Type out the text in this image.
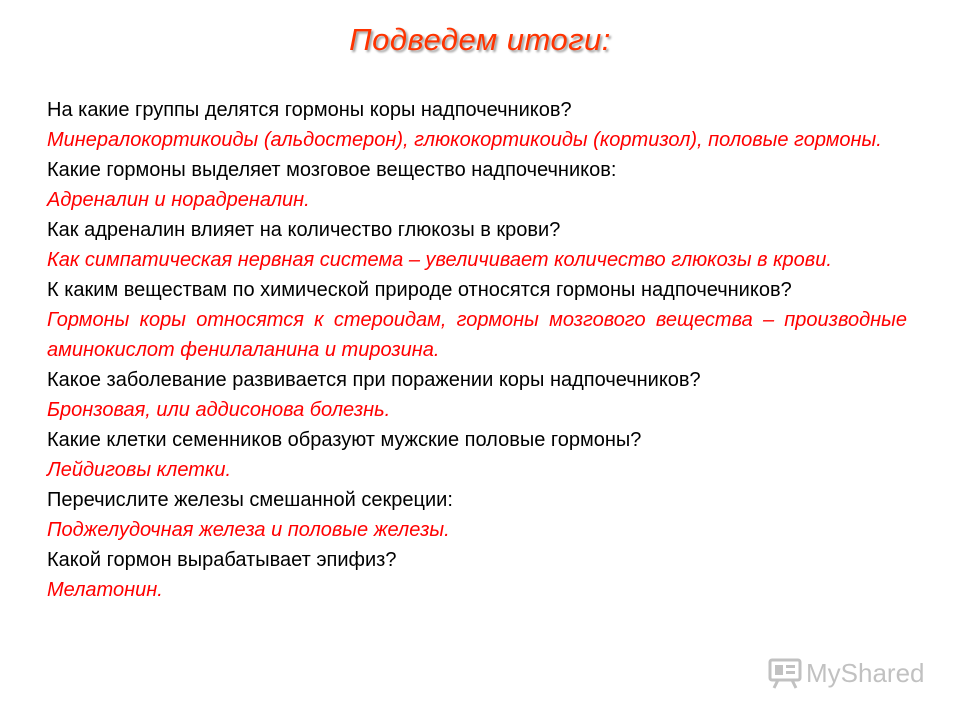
Подведем итоги:

На какие группы делятся гормоны коры надпочечников?

Минералокортикоиды (альдостерон), глюкокортикоиды (кортизол), половые гормоны.

Какие гормоны выделяет мозговое вещество надпочечников:

Адреналин и норадреналин.

Как адреналин влияет на количество глюкозы в крови?

Как симпатическая нервная система – увеличивает количество глюкозы в крови.

К каким веществам по химической природе относятся гормоны надпочечников?

Гормоны коры относятся к стероидам, гормоны мозгового вещества – производные аминокислот фенилаланина и тирозина.

Какое заболевание развивается при поражении коры надпочечников?

Бронзовая, или аддисонова болезнь.

Какие клетки семенников образуют мужские половые гормоны?

Лейдиговы клетки.

Перечислите железы смешанной секреции:

Поджелудочная железа и половые железы.

Какой гормон вырабатывает эпифиз?

Мелатонин.

MyShared
